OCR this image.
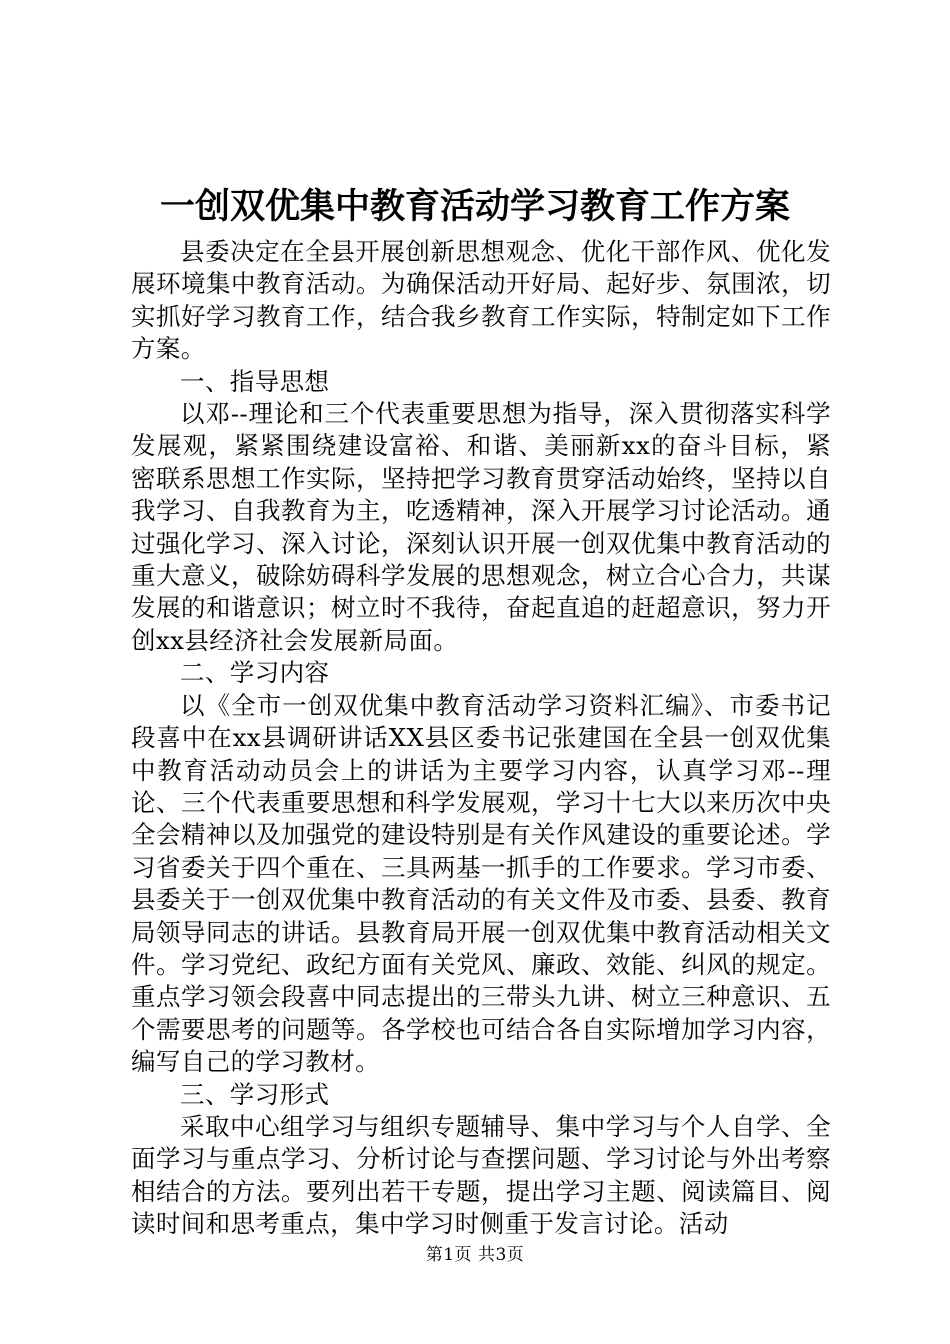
一创双优集中教育活动学习教育工作方案

县委决定在全县开展创新思想观念、优化干部作风、优化发展环境集中教育活动。为确保活动开好局、起好步、氛围浓，切实抓好学习教育工作，结合我乡教育工作实际，特制定如下工作方案。

一、指导思想

以邓--理论和三个代表重要思想为指导，深入贯彻落实科学发展观，紧紧围绕建设富裕、和谐、美丽新xx的奋斗目标，紧密联系思想工作实际，坚持把学习教育贯穿活动始终，坚持以自我学习、自我教育为主，吃透精神，深入开展学习讨论活动。通过强化学习、深入讨论，深刻认识开展一创双优集中教育活动的重大意义，破除妨碍科学发展的思想观念，树立合心合力，共谋发展的和谐意识；树立时不我待，奋起直追的赶超意识，努力开创xx县经济社会发展新局面。

二、学习内容

以《全市一创双优集中教育活动学习资料汇编》、市委书记段喜中在xx县调研讲话XX县区委书记张建国在全县一创双优集中教育活动动员会上的讲话为主要学习内容，认真学习邓--理论、三个代表重要思想和科学发展观，学习十七大以来历次中央全会精神以及加强党的建设特别是有关作风建设的重要论述。学习省委关于四个重在、三具两基一抓手的工作要求。学习市委、县委关于一创双优集中教育活动的有关文件及市委、县委、教育局领导同志的讲话。县教育局开展一创双优集中教育活动相关文件。学习党纪、政纪方面有关党风、廉政、效能、纠风的规定。重点学习领会段喜中同志提出的三带头九讲、树立三种意识、五个需要思考的问题等。各学校也可结合各自实际增加学习内容，编写自己的学习教材。

三、学习形式

采取中心组学习与组织专题辅导、集中学习与个人自学、全面学习与重点学习、分析讨论与查摆问题、学习讨论与外出考察相结合的方法。要列出若干专题，提出学习主题、阅读篇目、阅读时间和思考重点，集中学习时侧重于发言讨论。活动

第1页 共3页
